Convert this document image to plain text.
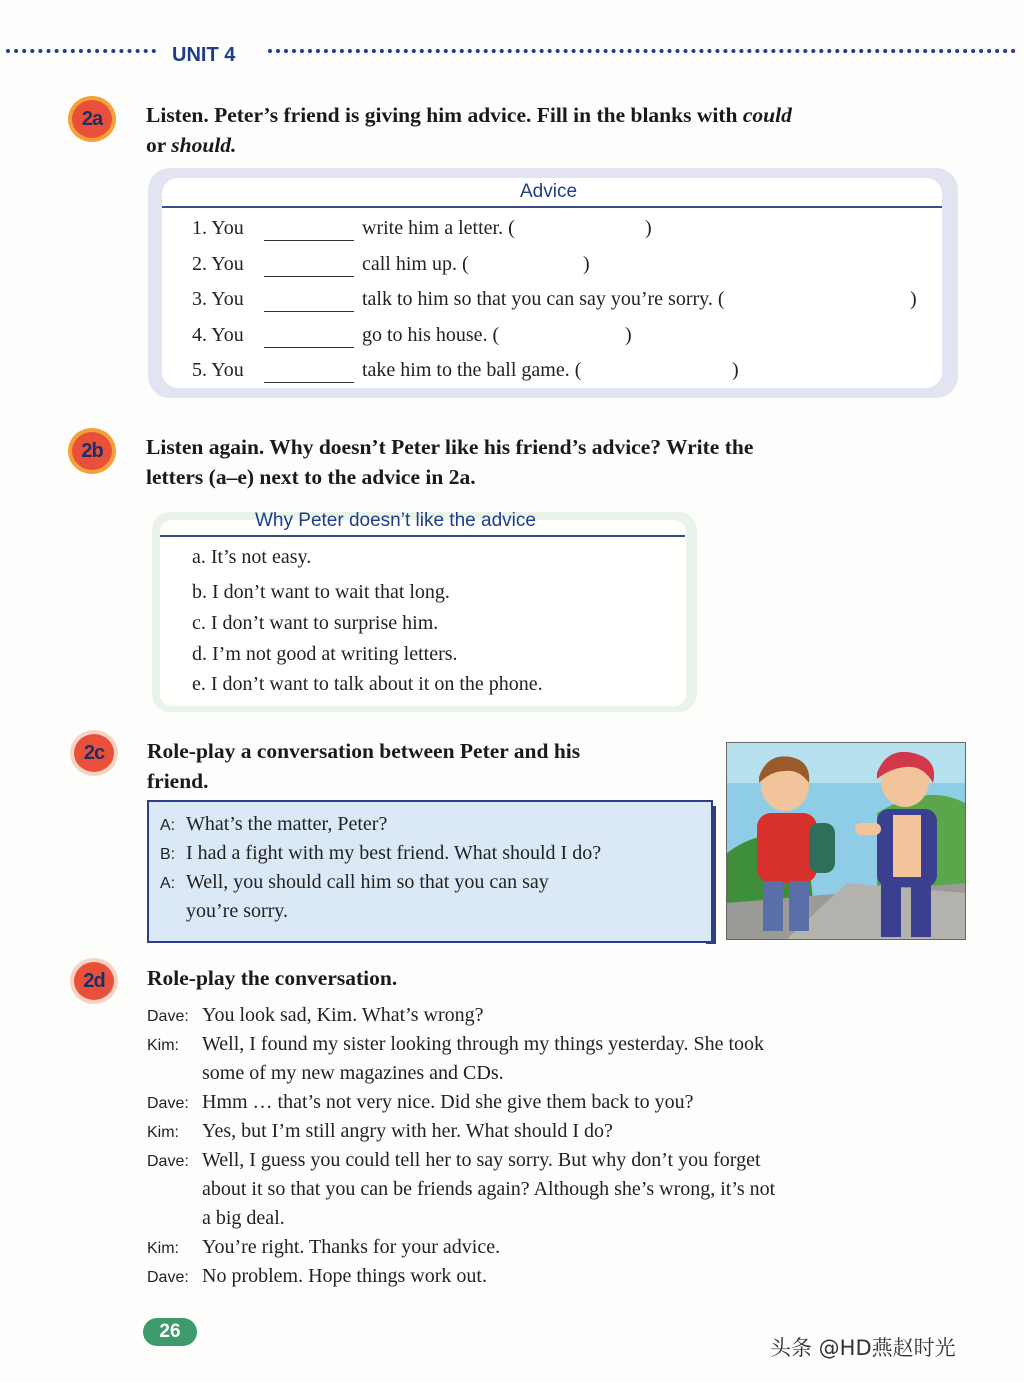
UNIT 4
2a	Listen. Peter’s friend is giving him advice. Fill in the blanks with could
or should.
Advice
1. You	write him a letter. (	)
2. You	call him up. (	)
3. You	talk to him so that you can say you’re sorry. (	)
4. You	go to his house. (	)
5. You	take him to the ball game. (	)
2b	Listen again. Why doesn’t Peter like his friend’s advice? Write the
letters (a–e) next to the advice in 2a.
Why Peter doesn’t like the advice
a. It’s not easy.
b. I don’t want to wait that long.
c. I don’t want to surprise him.
d. I’m not good at writing letters.
e. I don’t want to talk about it on the phone.
2c	Role-play a conversation between Peter and his
friend.
A: What’s the matter, Peter?
B: I had a fight with my best friend. What should I do?
A: Well, you should call him so that you can say
you’re sorry.
2d	Role-play the conversation.
Dave: You look sad, Kim. What’s wrong?
Kim: Well, I found my sister looking through my things yesterday. She took
some of my new magazines and CDs.
Dave: Hmm … that’s not very nice. Did she give them back to you?
Kim: Yes, but I’m still angry with her. What should I do?
Dave: Well, I guess you could tell her to say sorry. But why don’t you forget
about it so that you can be friends again? Although she’s wrong, it’s not
a big deal.
Kim: You’re right. Thanks for your advice.
Dave: No problem. Hope things work out.
26
头条 @HD燕赵时光
